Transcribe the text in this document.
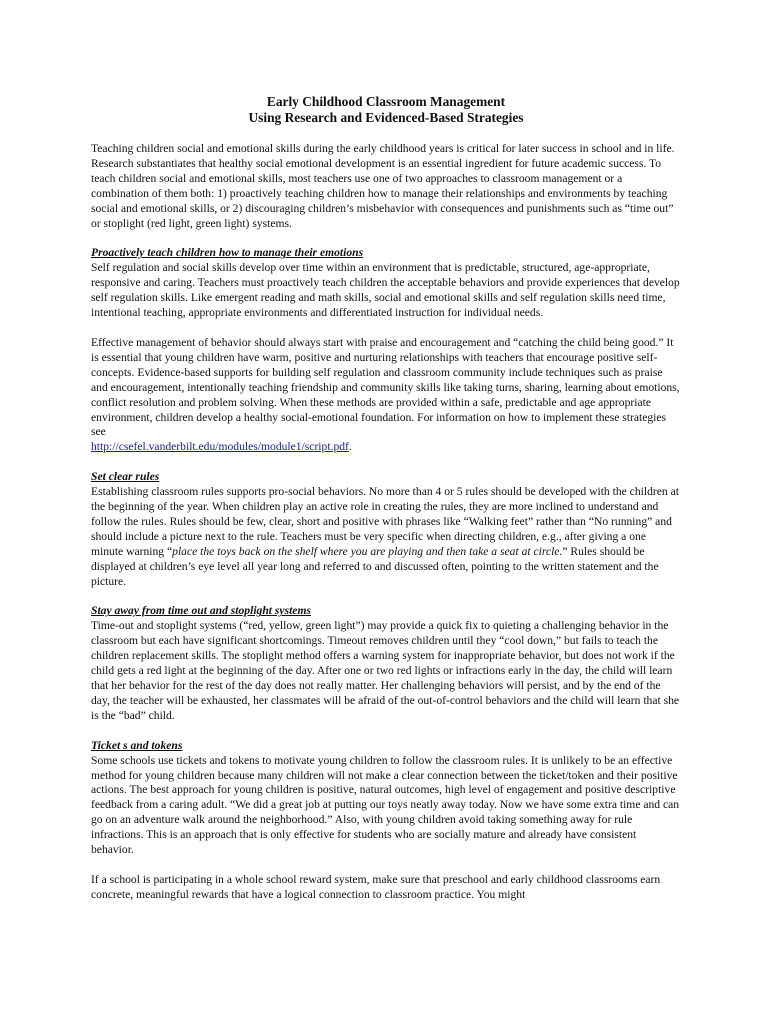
Early Childhood Classroom Management
Using Research and Evidenced-Based Strategies

Teaching children social and emotional skills during the early childhood years is critical for later success in school and in life. Research substantiates that healthy social emotional development is an essential ingredient for future academic success. To teach children social and emotional skills, most teachers use one of two approaches to classroom management or a combination of them both: 1) proactively teaching children how to manage their relationships and environments by teaching social and emotional skills, or 2) discouraging children’s misbehavior with consequences and punishments such as “time out” or stoplight (red light, green light) systems.

Proactively teach children how to manage their emotions
Self regulation and social skills develop over time within an environment that is predictable, structured, age-appropriate, responsive and caring. Teachers must proactively teach children the acceptable behaviors and provide experiences that develop self regulation skills. Like emergent reading and math skills, social and emotional skills and self regulation skills need time, intentional teaching, appropriate environments and differentiated instruction for individual needs.

Effective management of behavior should always start with praise and encouragement and “catching the child being good.” It is essential that young children have warm, positive and nurturing relationships with teachers that encourage positive self-concepts. Evidence-based supports for building self regulation and classroom community include techniques such as praise and encouragement, intentionally teaching friendship and community skills like taking turns, sharing, learning about emotions, conflict resolution and problem solving. When these methods are provided within a safe, predictable and age appropriate environment, children develop a healthy social-emotional foundation. For information on how to implement these strategies see
http://csefel.vanderbilt.edu/modules/module1/script.pdf.

Set clear rules
Establishing classroom rules supports pro-social behaviors. No more than 4 or 5 rules should be developed with the children at the beginning of the year. When children play an active role in creating the rules, they are more inclined to understand and follow the rules. Rules should be few, clear, short and positive with phrases like “Walking feet” rather than “No running” and should include a picture next to the rule. Teachers must be very specific when directing children, e.g., after giving a one minute warning “place the toys back on the shelf where you are playing and then take a seat at circle.” Rules should be displayed at children’s eye level all year long and referred to and discussed often, pointing to the written statement and the picture.

Stay away from time out and stoplight systems
Time-out and stoplight systems (“red, yellow, green light”) may provide a quick fix to quieting a challenging behavior in the classroom but each have significant shortcomings. Timeout removes children until they “cool down,” but fails to teach the children replacement skills. The stoplight method offers a warning system for inappropriate behavior, but does not work if the child gets a red light at the beginning of the day. After one or two red lights or infractions early in the day, the child will learn that her behavior for the rest of the day does not really matter. Her challenging behaviors will persist, and by the end of the day, the teacher will be exhausted, her classmates will be afraid of the out-of-control behaviors and the child will learn that she is the “bad” child.

Ticket s and tokens
Some schools use tickets and tokens to motivate young children to follow the classroom rules. It is unlikely to be an effective method for young children because many children will not make a clear connection between the ticket/token and their positive actions. The best approach for young children is positive, natural outcomes, high level of engagement and positive descriptive feedback from a caring adult. “We did a great job at putting our toys neatly away today. Now we have some extra time and can go on an adventure walk around the neighborhood.” Also, with young children avoid taking something away for rule infractions. This is an approach that is only effective for students who are socially mature and already have consistent behavior.

If a school is participating in a whole school reward system, make sure that preschool and early childhood classrooms earn concrete, meaningful rewards that have a logical connection to classroom practice. You might
